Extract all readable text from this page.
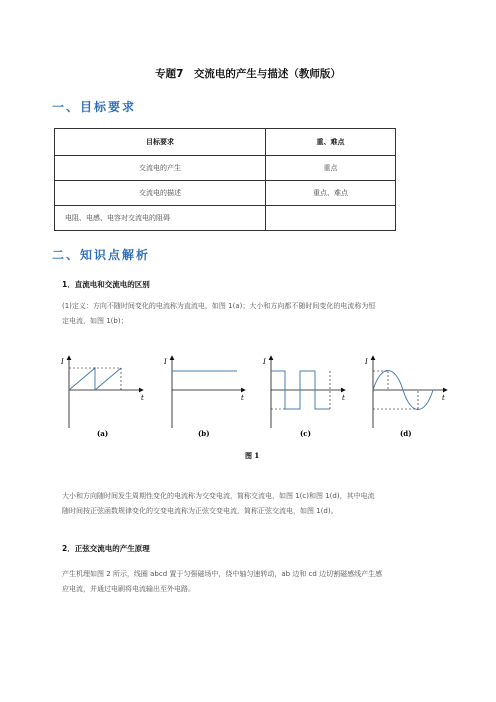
专题7　交流电的产生与描述（教师版）
一、目标要求
目标要求	重、难点
交流电的产生	重点
交流电的描述	重点、难点
电阻、电感、电容对交流电的阻碍	
二、知识点解析
1．直流电和交流电的区别
(1)定义：方向不随时间变化的电流称为直流电，如图 1(a)；大小和方向都不随时间变化的电流称为恒
定电流，如图 1(b)；
I
t
I
t
I
t
I
t
(a)	(b)	(c)	(d)
图 1
大小和方向随时间发生周期性变化的电流称为交变电流，简称交流电，如图 1(c)和图 1(d)，其中电流
随时间按正弦函数规律变化的交变电流称为正弦交变电流，简称正弦交流电，如图 1(d)。
2．正弦交流电的产生原理
产生机理如图 2 所示，线圈 abcd 置于匀强磁场中，绕中轴匀速转动，ab 边和 cd 边切割磁感线产生感
应电流，并通过电刷将电流输出至外电路。
